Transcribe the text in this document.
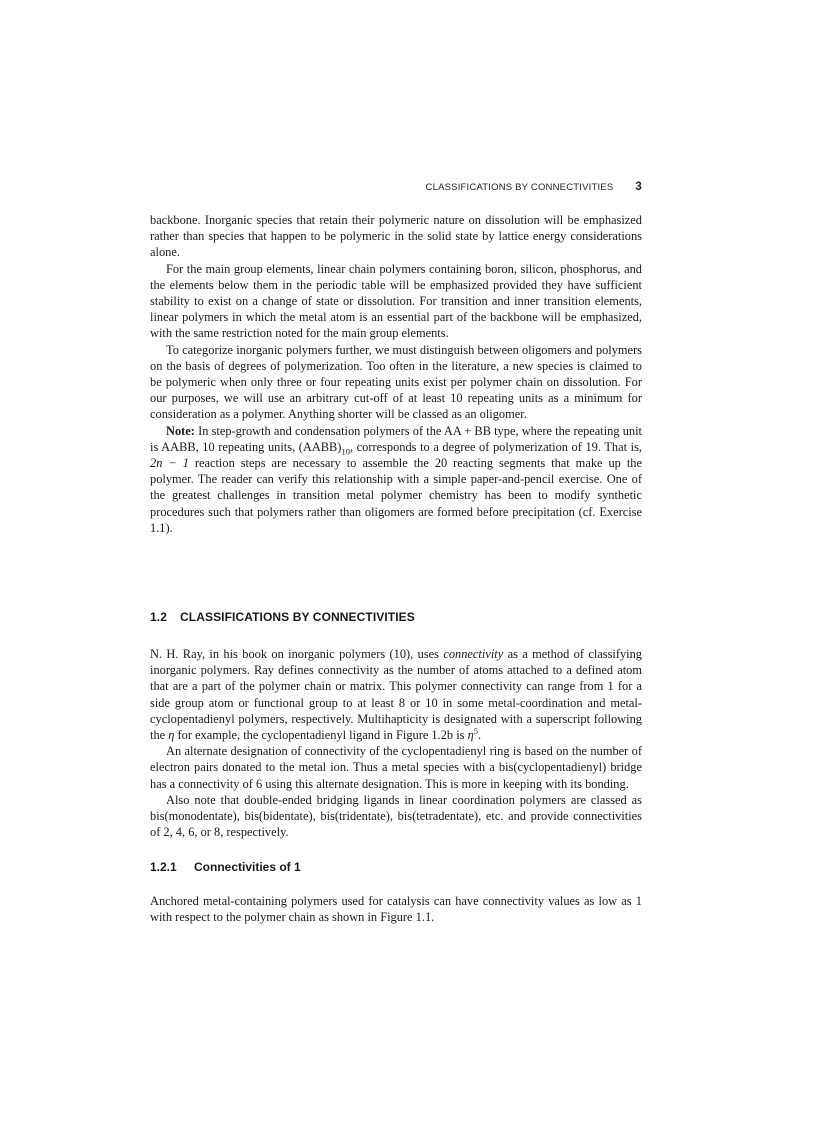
CLASSIFICATIONS BY CONNECTIVITIES 3

backbone. Inorganic species that retain their polymeric nature on dissolution will be emphasized rather than species that happen to be polymeric in the solid state by lattice energy considerations alone.

For the main group elements, linear chain polymers containing boron, silicon, phosphorus, and the elements below them in the periodic table will be emphasized provided they have sufficient stability to exist on a change of state or dissolution. For transition and inner transition elements, linear polymers in which the metal atom is an essential part of the backbone will be emphasized, with the same restriction noted for the main group elements.

To categorize inorganic polymers further, we must distinguish between oligomers and polymers on the basis of degrees of polymerization. Too often in the literature, a new species is claimed to be polymeric when only three or four repeating units exist per polymer chain on dissolution. For our purposes, we will use an arbitrary cut-off of at least 10 repeating units as a minimum for consideration as a polymer. Anything shorter will be classed as an oligomer.

Note: In step-growth and condensation polymers of the AA + BB type, where the repeating unit is AABB, 10 repeating units, $(AABB)_{10}$, corresponds to a degree of polymerization of 19. That is, 2n − 1 reaction steps are necessary to assemble the 20 reacting segments that make up the polymer. The reader can verify this relationship with a simple paper-and-pencil exercise. One of the greatest challenges in transition metal polymer chemistry has been to modify synthetic procedures such that polymers rather than oligomers are formed before precipitation (cf. Exercise 1.1).

1.2 CLASSIFICATIONS BY CONNECTIVITIES

N. H. Ray, in his book on inorganic polymers (10), uses connectivity as a method of classifying inorganic polymers. Ray defines connectivity as the number of atoms attached to a defined atom that are a part of the polymer chain or matrix. This polymer connectivity can range from 1 for a side group atom or functional group to at least 8 or 10 in some metal-coordination and metal-cyclopentadienyl polymers, respectively. Multihapticity is designated with a superscript following the η for example, the cyclopentadienyl ligand in Figure 1.2b is $\eta^5$.

An alternate designation of connectivity of the cyclopentadienyl ring is based on the number of electron pairs donated to the metal ion. Thus a metal species with a bis(cyclopentadienyl) bridge has a connectivity of 6 using this alternate designation. This is more in keeping with its bonding.

Also note that double-ended bridging ligands in linear coordination polymers are classed as bis(monodentate), bis(bidentate), bis(tridentate), bis(tetradentate), etc. and provide connectivities of 2, 4, 6, or 8, respectively.

1.2.1 Connectivities of 1

Anchored metal-containing polymers used for catalysis can have connectivity values as low as 1 with respect to the polymer chain as shown in Figure 1.1.
